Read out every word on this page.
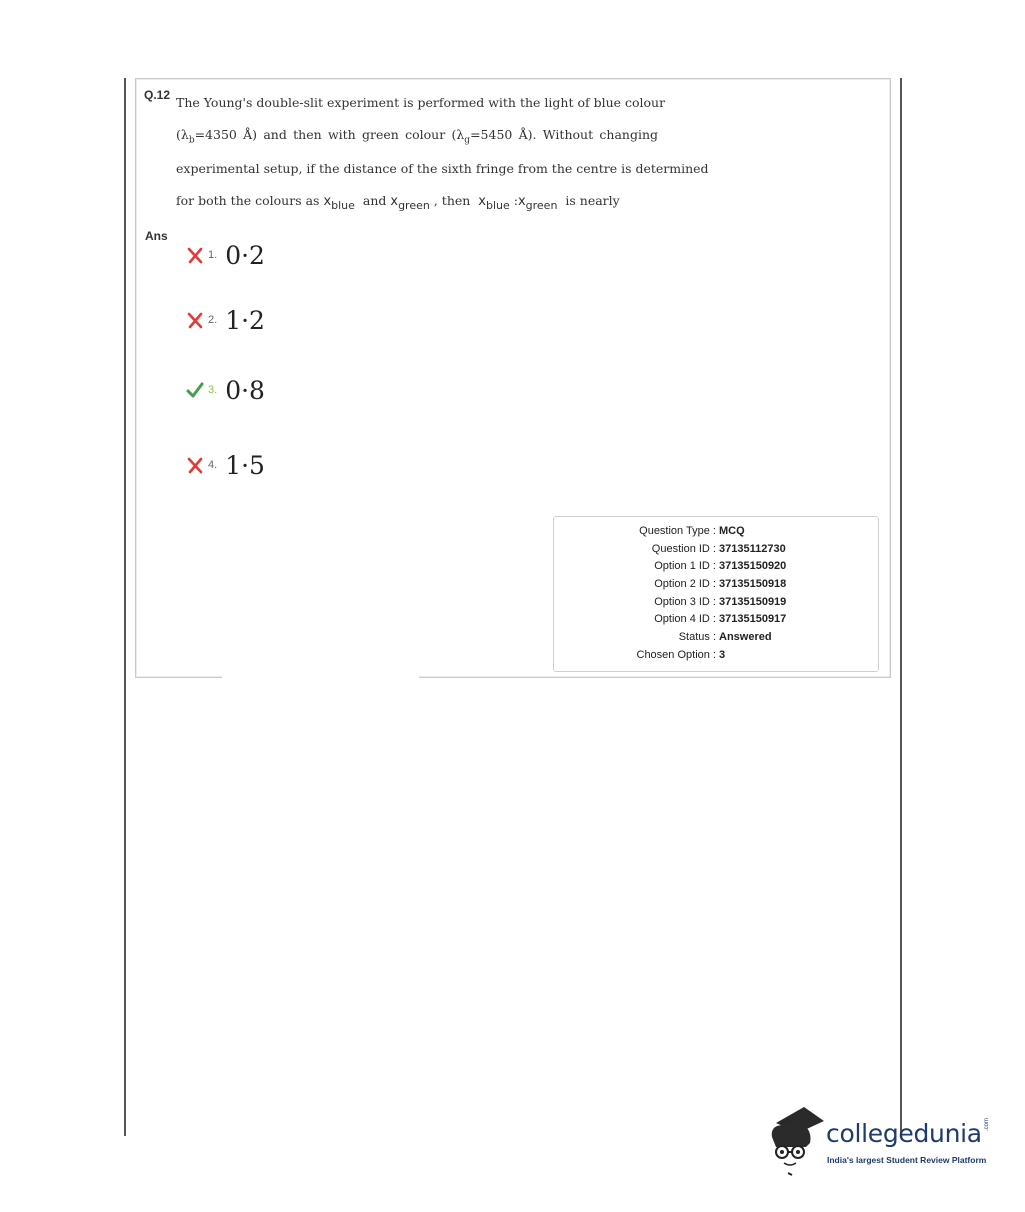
Q.12 The Young's double-slit experiment is performed with the light of blue colour
($\lambda_b=4350$ Å) and then with green colour ($\lambda_g=5450$ Å). Without changing
experimental setup, if the distance of the sixth fringe from the centre is determined
for both the colours as xblue and xgreen , then xblue :xgreen is nearly
Ans
1. 0·2
2. 1·2
3. 0·8
4. 1·5
Question Type : MCQ
Question ID : 37135112730
Option 1 ID : 37135150920
Option 2 ID : 37135150918
Option 3 ID : 37135150919
Option 4 ID : 37135150917
Status : Answered
Chosen Option : 3
collegedunia .com
India's largest Student Review Platform
